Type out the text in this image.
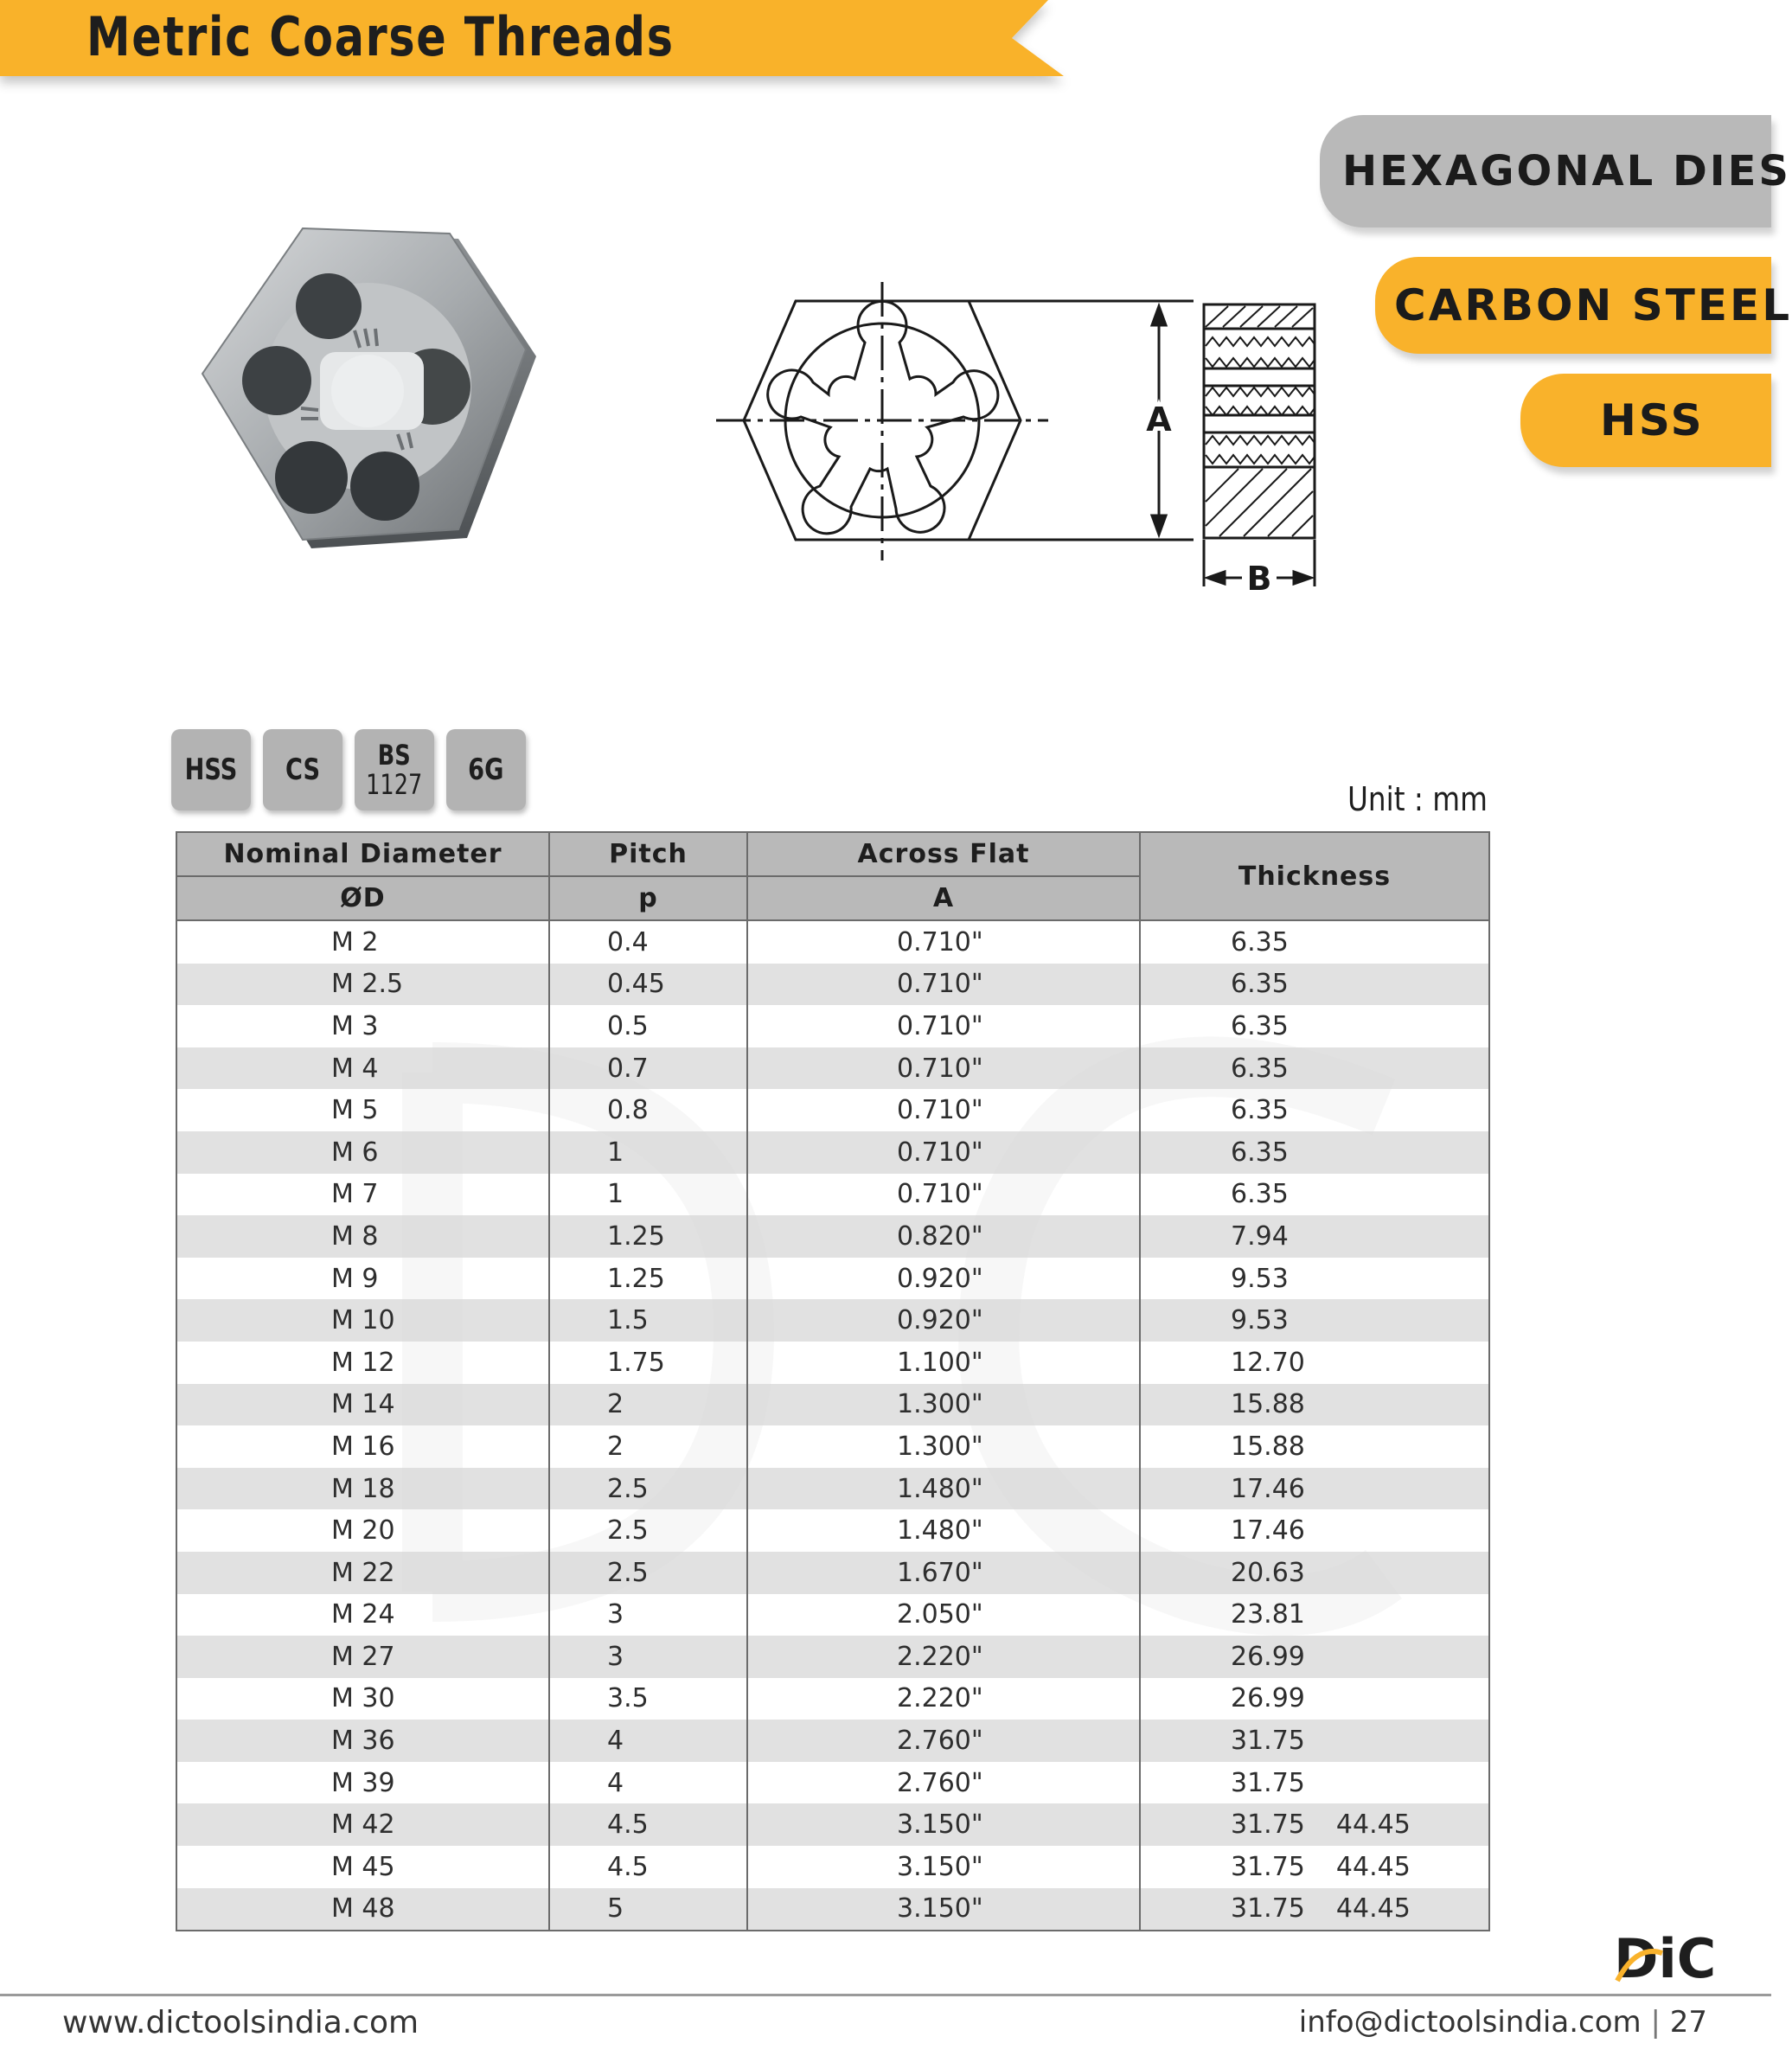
Metric Coarse Threads
HEXAGONAL DIES
CARBON STEEL
HSS
A
B
HSS CS BS
1127 6G
Unit : mm
Nominal Diameter	Pitch	Across Flat	Thickness
ØD	p	A	
M 2	0.4	0.710"	6.35
M 2.5	0.45	0.710"	6.35
M 3	0.5	0.710"	6.35
M 4	0.7	0.710"	6.35
M 5	0.8	0.710"	6.35
M 6	1	0.710"	6.35
M 7	1	0.710"	6.35
M 8	1.25	0.820"	7.94
M 9	1.25	0.920"	9.53
M 10	1.5	0.920"	9.53
M 12	1.75	1.100"	12.70
M 14	2	1.300"	15.88
M 16	2	1.300"	15.88
M 18	2.5	1.480"	17.46
M 20	2.5	1.480"	17.46
M 22	2.5	1.670"	20.63
M 24	3	2.050"	23.81
M 27	3	2.220"	26.99
M 30	3.5	2.220"	26.99
M 36	4	2.760"	31.75
M 39	4	2.760"	31.75
M 42	4.5	3.150"	31.75 44.45
M 45	4.5	3.150"	31.75 44.45
M 48	5	3.150"	31.75 44.45
DiC
www.dictoolsindia.com	info@dictoolsindia.com | 27
